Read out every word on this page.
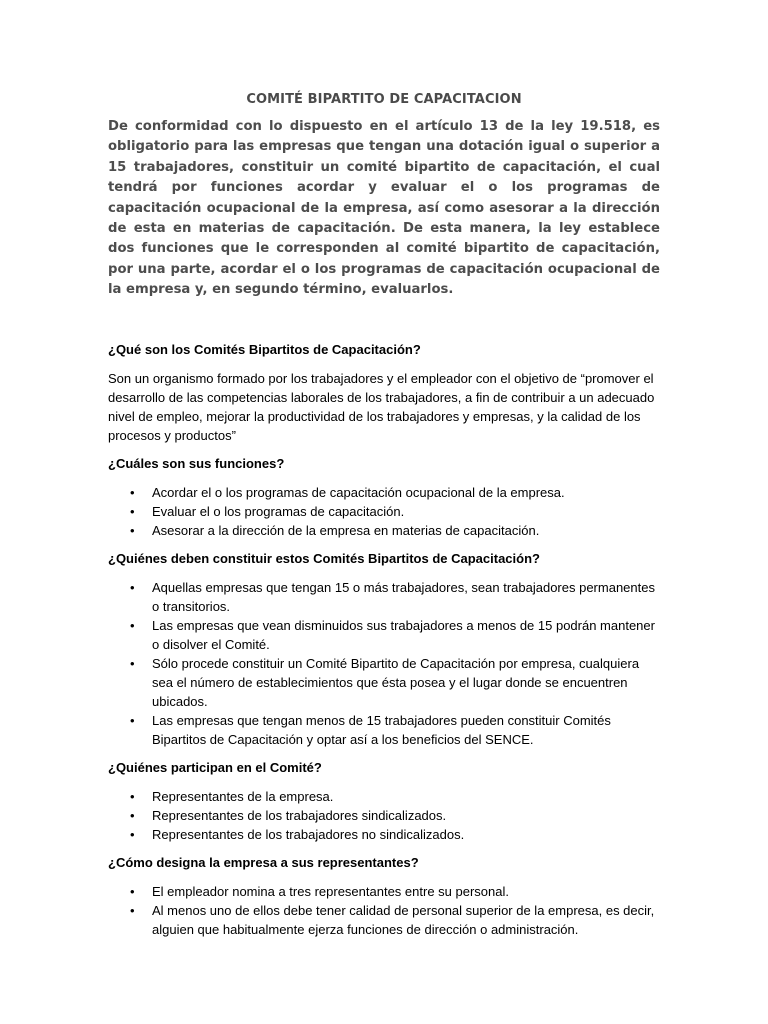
COMITÉ BIPARTITO DE CAPACITACION

De conformidad con lo dispuesto en el artículo 13 de la ley 19.518, es obligatorio para las empresas que tengan una dotación igual o superior a 15 trabajadores, constituir un comité bipartito de capacitación, el cual tendrá por funciones acordar y evaluar el o los programas de capacitación ocupacional de la empresa, así como asesorar a la dirección de esta en materias de capacitación. De esta manera, la ley establece dos funciones que le corresponden al comité bipartito de capacitación, por una parte, acordar el o los programas de capacitación ocupacional de la empresa y, en segundo término, evaluarlos.

¿Qué son los Comités Bipartitos de Capacitación?

Son un organismo formado por los trabajadores y el empleador con el objetivo de “promover el desarrollo de las competencias laborales de los trabajadores, a fin de contribuir a un adecuado nivel de empleo, mejorar la productividad de los trabajadores y empresas, y la calidad de los procesos y productos”

¿Cuáles son sus funciones?

• Acordar el o los programas de capacitación ocupacional de la empresa.
• Evaluar el o los programas de capacitación.
• Asesorar a la dirección de la empresa en materias de capacitación.

¿Quiénes deben constituir estos Comités Bipartitos de Capacitación?

• Aquellas empresas que tengan 15 o más trabajadores, sean trabajadores permanentes o transitorios.
• Las empresas que vean disminuidos sus trabajadores a menos de 15 podrán mantener o disolver el Comité.
• Sólo procede constituir un Comité Bipartito de Capacitación por empresa, cualquiera sea el número de establecimientos que ésta posea y el lugar donde se encuentren ubicados.
• Las empresas que tengan menos de 15 trabajadores pueden constituir Comités Bipartitos de Capacitación y optar así a los beneficios del SENCE.

¿Quiénes participan en el Comité?

• Representantes de la empresa.
• Representantes de los trabajadores sindicalizados.
• Representantes de los trabajadores no sindicalizados.

¿Cómo designa la empresa a sus representantes?

• El empleador nomina a tres representantes entre su personal.
• Al menos uno de ellos debe tener calidad de personal superior de la empresa, es decir, alguien que habitualmente ejerza funciones de dirección o administración.
